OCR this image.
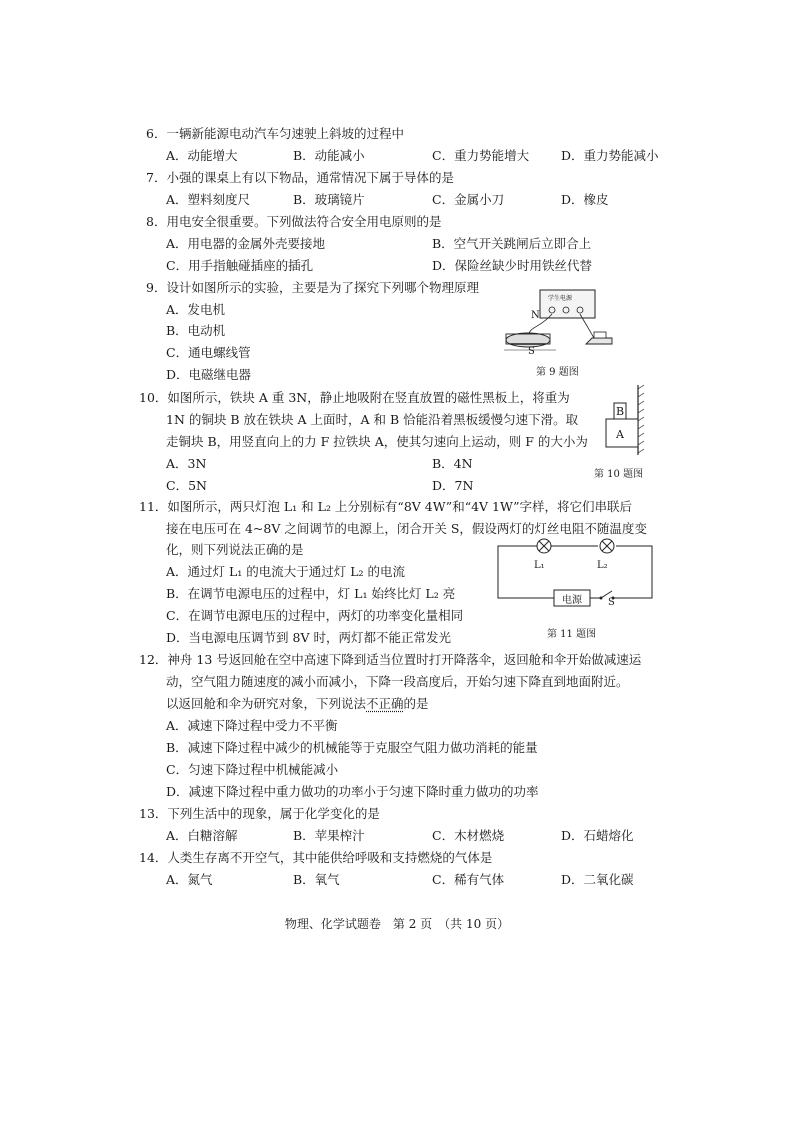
6．一辆新能源电动汽车匀速驶上斜坡的过程中
A．动能增大	B．动能减小	C．重力势能增大	D．重力势能减小
7．小强的课桌上有以下物品，通常情况下属于导体的是
A．塑料刻度尺	B．玻璃镜片	C．金属小刀	D．橡皮
8．用电安全很重要。下列做法符合安全用电原则的是
A．用电器的金属外壳要接地	B．空气开关跳闸后立即合上
C．用手指触碰插座的插孔	D．保险丝缺少时用铁丝代替
9．设计如图所示的实验，主要是为了探究下列哪个物理原理
A．发电机
B．电动机
C．通电螺线管
D．电磁继电器
学生电源
N
S
第 9 题图
10．如图所示，铁块 A 重 3N，静止地吸附在竖直放置的磁性黑板上，将重为
1N 的铜块 B 放在铁块 A 上面时，A 和 B 恰能沿着黑板缓慢匀速下滑。取
走铜块 B，用竖直向上的力 F 拉铁块 A，使其匀速向上运动，则 F 的大小为
A．3N	B．4N
C．5N	D．7N
B
A
第 10 题图
11．如图所示，两只灯泡 L₁ 和 L₂ 上分别标有“8V 4W”和“4V 1W”字样，将它们串联后
接在电压可在 4~8V 之间调节的电源上，闭合开关 S，假设两灯的灯丝电阻不随温度变
化，则下列说法正确的是
A．通过灯 L₁ 的电流大于通过灯 L₂ 的电流
B．在调节电源电压的过程中，灯 L₁ 始终比灯 L₂ 亮
C．在调节电源电压的过程中，两灯的功率变化量相同
D．当电源电压调节到 8V 时，两灯都不能正常发光
L₁	L₂
电源	S
第 11 题图
12．神舟 13 号返回舱在空中高速下降到适当位置时打开降落伞，返回舱和伞开始做减速运
动，空气阻力随速度的减小而减小，下降一段高度后，开始匀速下降直到地面附近。
以返回舱和伞为研究对象，下列说法不正确的是
A．减速下降过程中受力不平衡
B．减速下降过程中减少的机械能等于克服空气阻力做功消耗的能量
C．匀速下降过程中机械能减小
D．减速下降过程中重力做功的功率小于匀速下降时重力做功的功率
13．下列生活中的现象，属于化学变化的是
A．白糖溶解	B．苹果榨汁	C．木材燃烧	D．石蜡熔化
14．人类生存离不开空气，其中能供给呼吸和支持燃烧的气体是
A．氮气	B．氧气	C．稀有气体	D．二氧化碳
物理、化学试题卷　第 2 页　（共 10 页）
